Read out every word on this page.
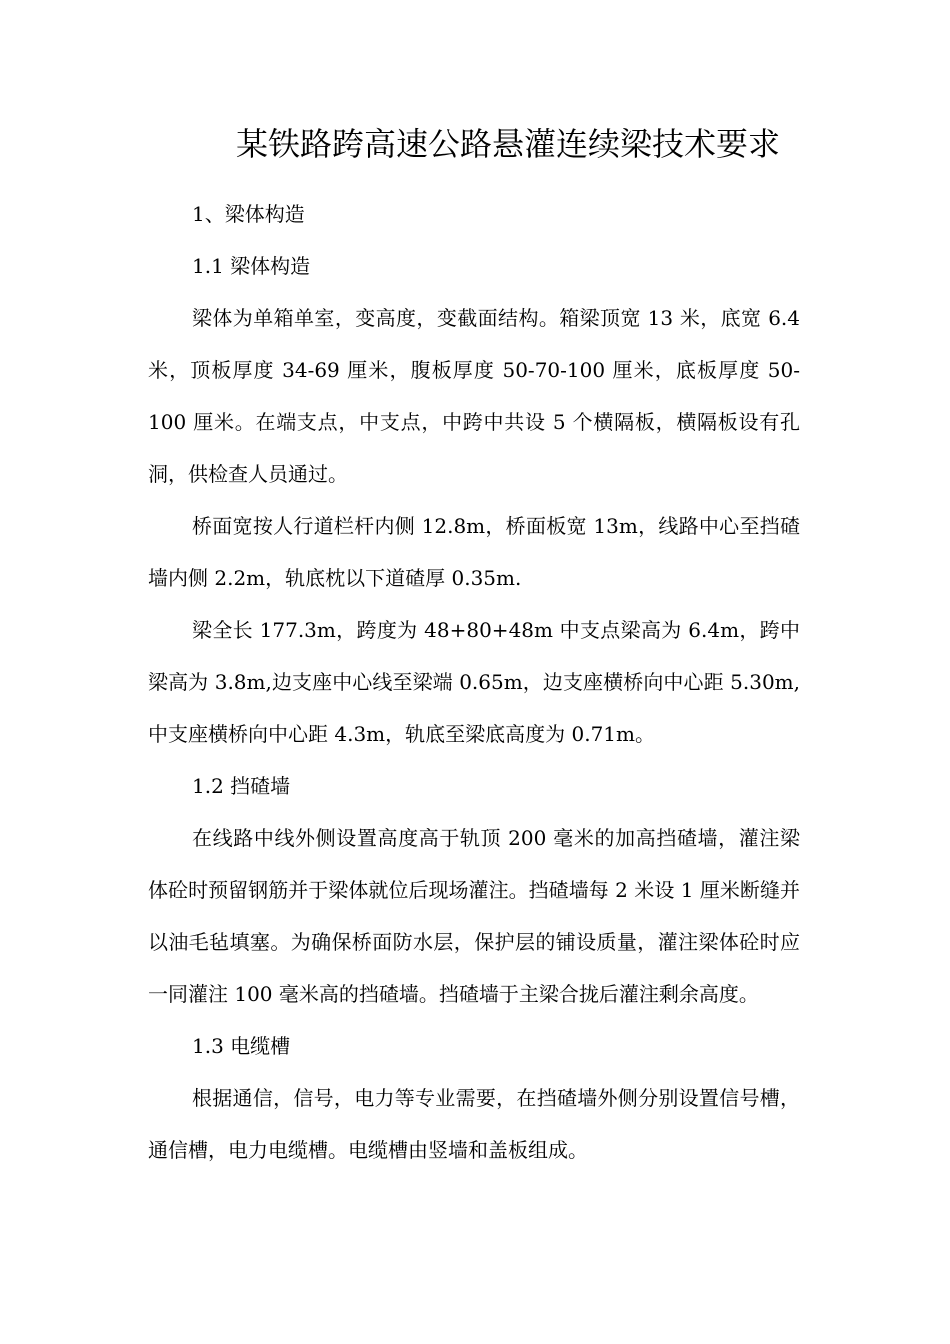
某铁路跨高速公路悬灌连续梁技术要求

1、梁体构造

1.1 梁体构造

梁体为单箱单室，变高度，变截面结构。箱梁顶宽 13 米，底宽 6.4 米，顶板厚度 34-69 厘米，腹板厚度 50-70-100 厘米，底板厚度 50-100 厘米。在端支点，中支点，中跨中共设 5 个横隔板，横隔板设有孔洞，供检查人员通过。

桥面宽按人行道栏杆内侧 12.8m，桥面板宽 13m，线路中心至挡碴墙内侧 2.2m，轨底枕以下道碴厚 0.35m.

梁全长 177.3m，跨度为 48+80+48m 中支点梁高为 6.4m，跨中梁高为 3.8m,边支座中心线至梁端 0.65m，边支座横桥向中心距 5.30m,中支座横桥向中心距 4.3m，轨底至梁底高度为 0.71m。

1.2 挡碴墙

在线路中线外侧设置高度高于轨顶 200 毫米的加高挡碴墙，灌注梁体砼时预留钢筋并于梁体就位后现场灌注。挡碴墙每 2 米设 1 厘米断缝并以油毛毡填塞。为确保桥面防水层，保护层的铺设质量，灌注梁体砼时应一同灌注 100 毫米高的挡碴墙。挡碴墙于主梁合拢后灌注剩余高度。

1.3 电缆槽

根据通信，信号，电力等专业需要，在挡碴墙外侧分别设置信号槽，通信槽，电力电缆槽。电缆槽由竖墙和盖板组成。
